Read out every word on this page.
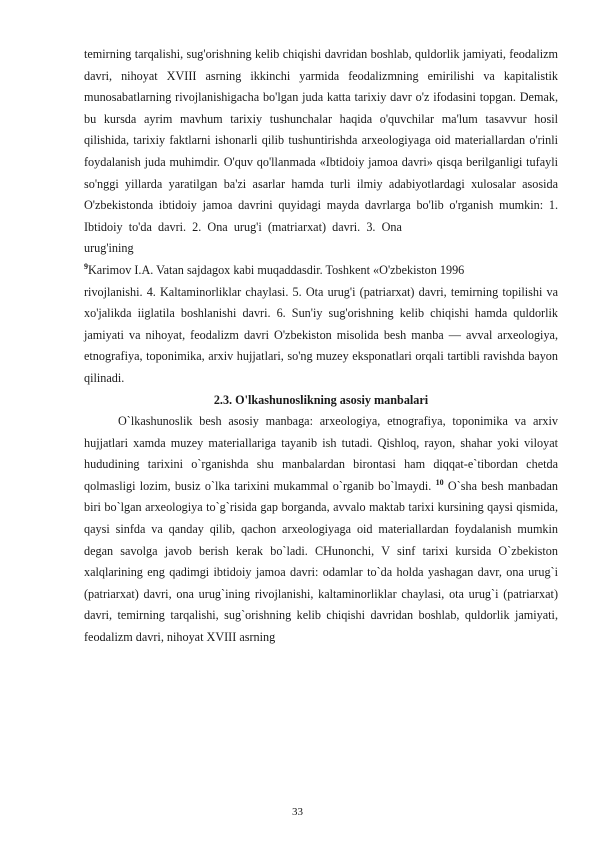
temirning tarqalishi, sug'orishning kelib chiqishi davridan boshlab, quldorlik jamiyati, feodalizm davri, nihoyat XVIII asrning ikkinchi yarmida feodalizmning emirilishi va kapitalistik munosabatlarning rivojlanishigacha bo'lgan juda katta tarixiy davr o'z ifodasini topgan. Demak, bu kursda ayrim mavhum tarixiy tushunchalar haqida o'quvchilar ma'lum tasavvur hosil qilishida, tarixiy faktlarni ishonarli qilib tushuntirishda arxeologiyaga oid materiallardan o'rinli foydalanish juda muhimdir. O'quv qo'llanmada «Ibtidoiy jamoa davri» qisqa berilganligi tufayli so'nggi yillarda yaratilgan ba'zi asarlar hamda turli ilmiy adabiyotlardagi xulosalar asosida O'zbekistonda ibtidoiy jamoa davrini quyidagi mayda davrlarga bo'lib o'rganish mumkin: 1. Ibtidoiy to'da davri. 2. Ona urug'i (matriarxat) davri. 3. Ona  urug'ining
$^9$Karimov I.A. Vatan sajdagox kabi muqaddasdir. Toshkent «O'zbekiston 1996
rivojlanishi. 4. Kaltaminorliklar chaylasi. 5. Ota urug'i (patriarxat) davri, temirning topilishi va xo'jalikda iiglatila boshlanishi davri. 6. Sun'iy sug'orishning kelib chiqishi hamda quldorlik jamiyati va nihoyat, feodalizm davri O'zbekiston misolida besh manba — avval arxeologiya, etnografiya, toponimika, arxiv hujjatlari, so'ng muzey eksponatlari orqali tartibli ravishda bayon qilinadi.

2.3. O'lkashunoslikning asosiy manbalari

O`lkashunoslik besh asosiy manbaga: arxeologiya, etnografiya, toponimika va arxiv hujjatlari xamda muzey materiallariga tayanib ish tutadi. Qishloq, rayon, shahar yoki viloyat hududining tarixini o`rganishda shu manbalardan birontasi ham diqqat-e`tibordan chetda qolmasligi lozim, busiz o`lka tarixini mukammal o`rganib bo`lmaydi. $^{10}$ O`sha besh manbadan biri bo`lgan arxeologiya to`g`risida gap borganda, avvalo maktab tarixi kursining qaysi qismida, qaysi sinfda va qanday qilib, qachon arxeologiyaga oid materiallardan foydalanish mumkin degan savolga javob berish kerak bo`ladi. CHunonchi, V sinf tarixi kursida O`zbekiston xalqlarining eng qadimgi ibtidoiy jamoa davri: odamlar to`da holda yashagan davr, ona urug`i (patriarxat) davri, ona urug`ining rivojlanishi, kaltaminorliklar chaylasi, ota urug`i (patriarxat) davri, temirning tarqalishi, sug`orishning kelib chiqishi davridan boshlab, quldorlik jamiyati, feodalizm davri, nihoyat XVIII asrning

33
